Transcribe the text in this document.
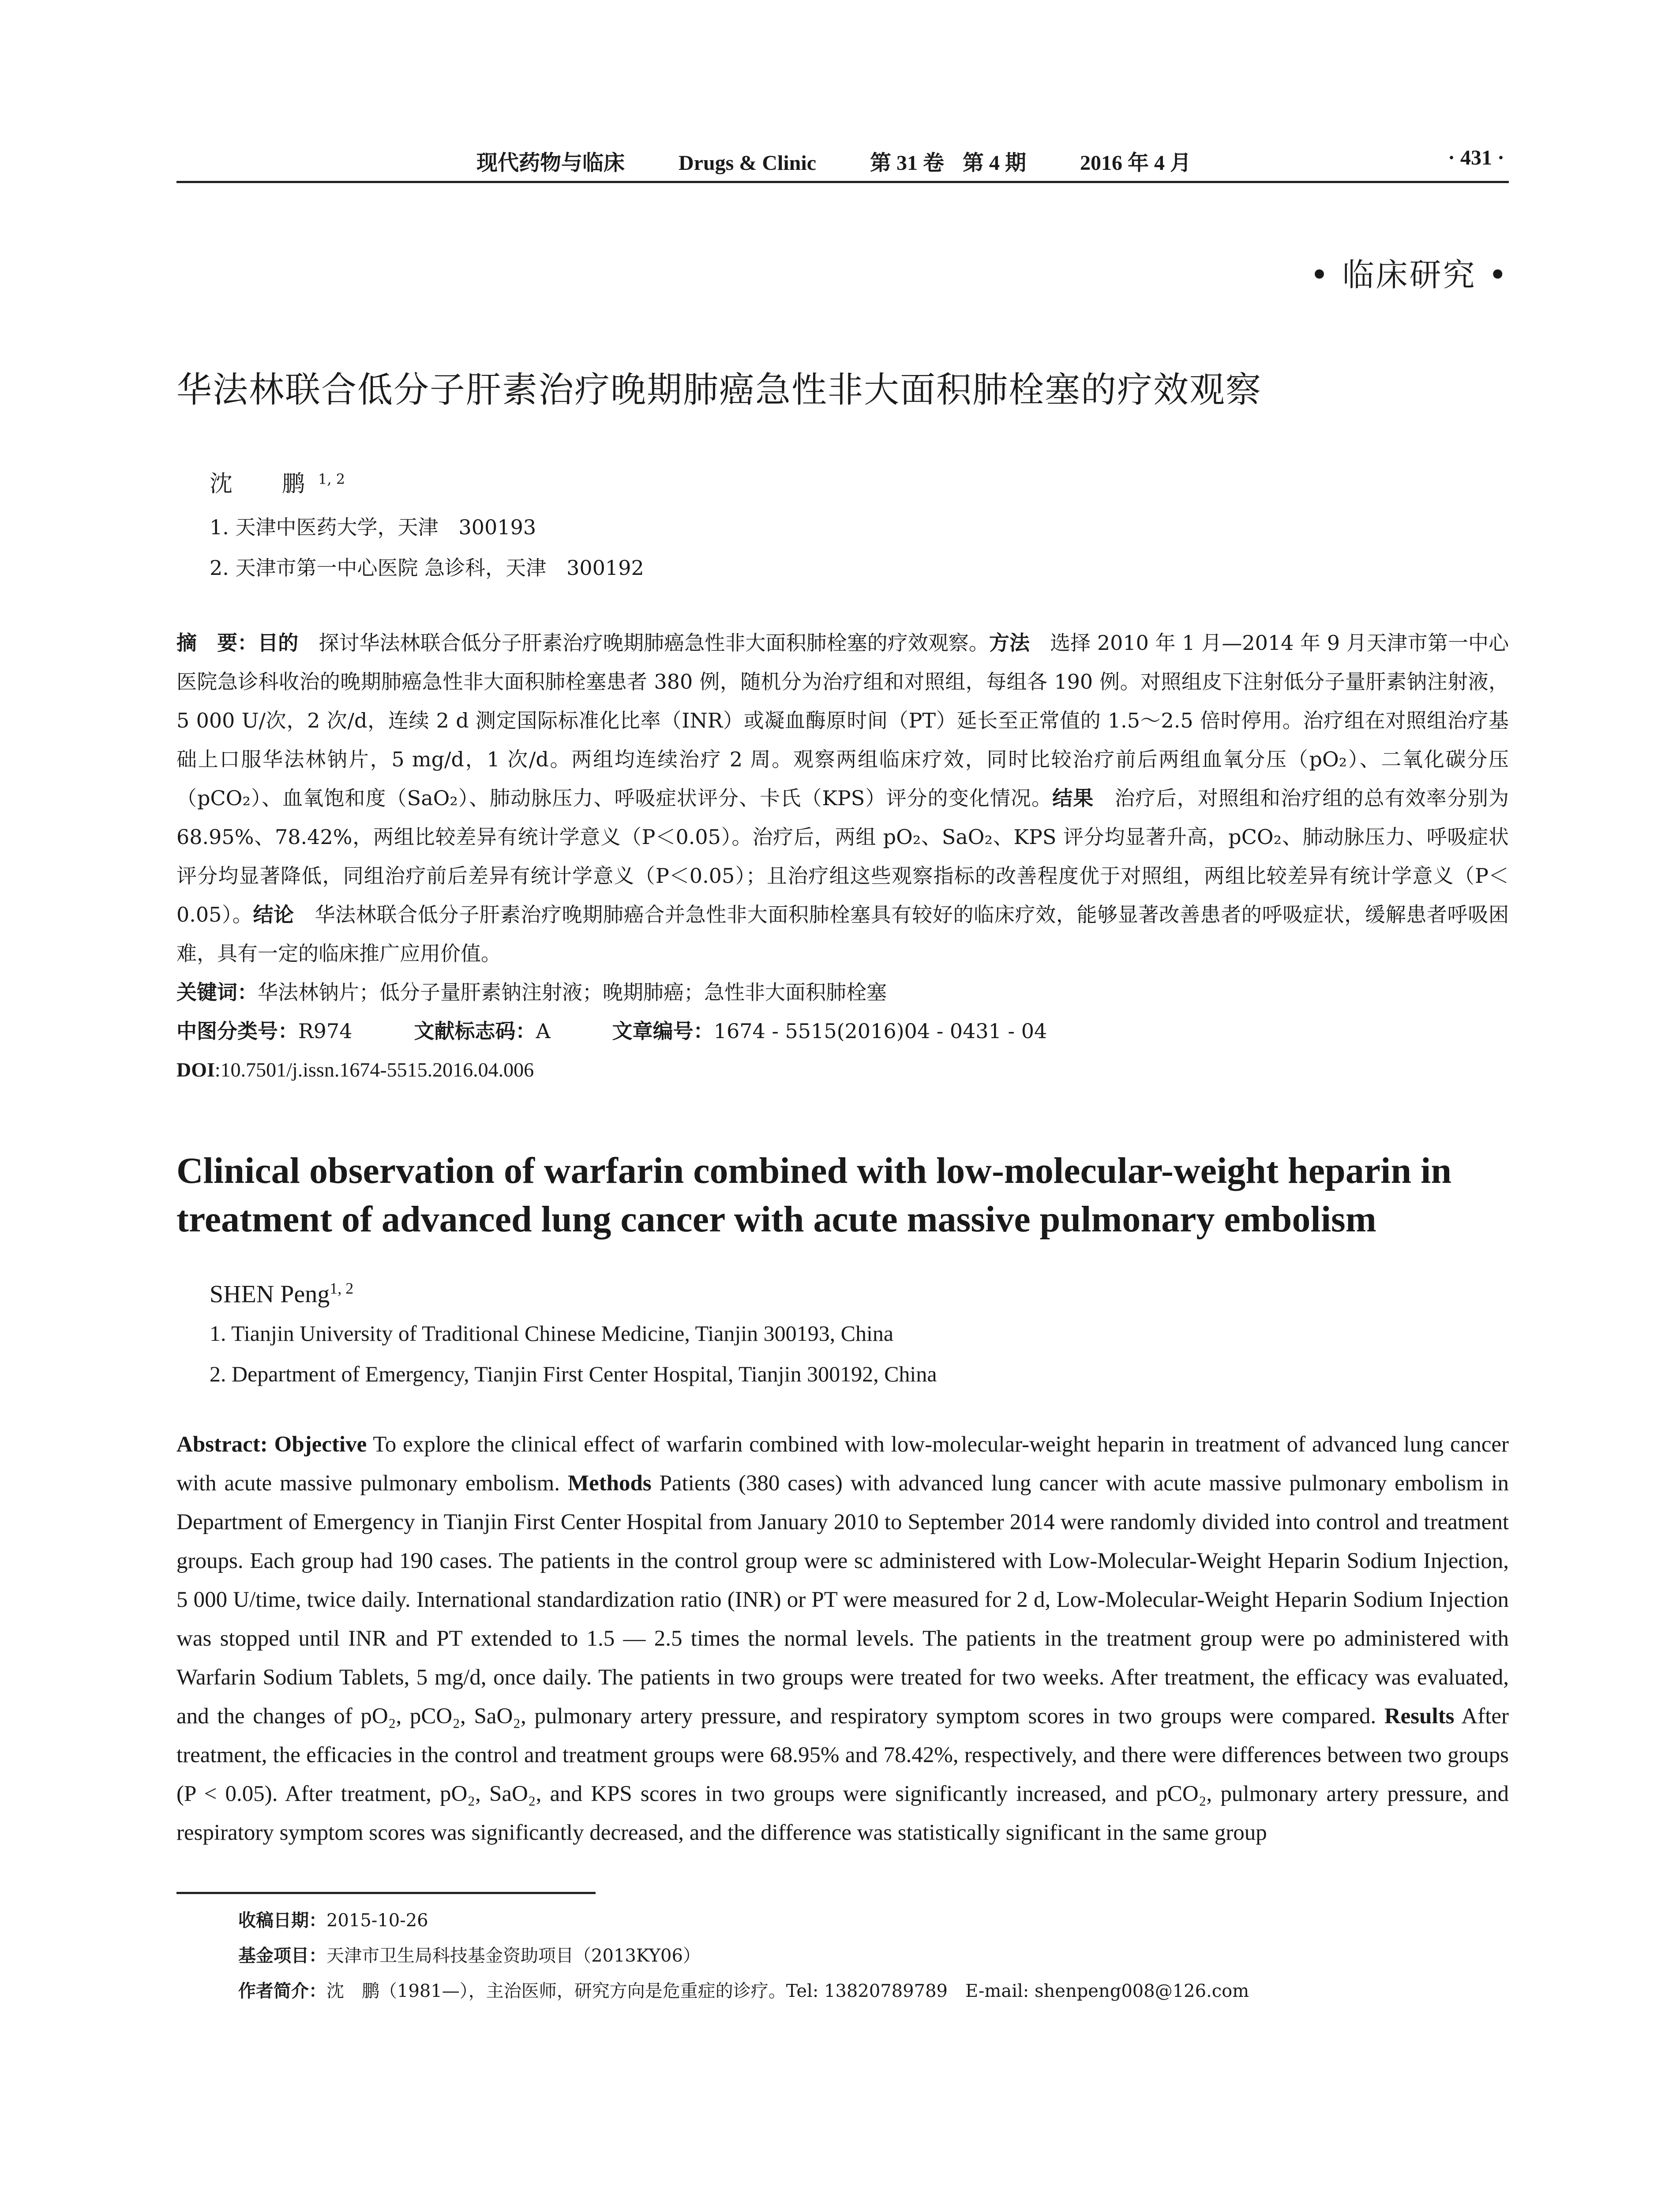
现代药物与临床	Drugs & Clinic	第 31 卷 第 4 期	2016 年 4 月	· 431 ·
• 临床研究 •
华法林联合低分子肝素治疗晚期肺癌急性非大面积肺栓塞的疗效观察
沈　鹏$^{1, 2}$
1. 天津中医药大学，天津　300193
2. 天津市第一中心医院 急诊科，天津　300192
摘　要：目的　探讨华法林联合低分子肝素治疗晚期肺癌急性非大面积肺栓塞的疗效观察。方法　选择 2010 年 1 月—2014 年 9 月天津市第一中心医院急诊科收治的晚期肺癌急性非大面积肺栓塞患者 380 例，随机分为治疗组和对照组，每组各 190 例。对照组皮下注射低分子量肝素钠注射液，5 000 U/次，2 次/d，连续 2 d 测定国际标准化比率（INR）或凝血酶原时间（PT）延长至正常值的 1.5～2.5 倍时停用。治疗组在对照组治疗基础上口服华法林钠片，5 mg/d，1 次/d。两组均连续治疗 2 周。观察两组临床疗效，同时比较治疗前后两组血氧分压（pO₂）、二氧化碳分压（pCO₂）、血氧饱和度（SaO₂）、肺动脉压力、呼吸症状评分、卡氏（KPS）评分的变化情况。结果　治疗后，对照组和治疗组的总有效率分别为 68.95%、78.42%，两组比较差异有统计学意义（P＜0.05）。治疗后，两组 pO₂、SaO₂、KPS 评分均显著升高，pCO₂、肺动脉压力、呼吸症状评分均显著降低，同组治疗前后差异有统计学意义（P＜0.05）；且治疗组这些观察指标的改善程度优于对照组，两组比较差异有统计学意义（P＜0.05）。结论　华法林联合低分子肝素治疗晚期肺癌合并急性非大面积肺栓塞具有较好的临床疗效，能够显著改善患者的呼吸症状，缓解患者呼吸困难，具有一定的临床推广应用价值。
关键词：华法林钠片；低分子量肝素钠注射液；晚期肺癌；急性非大面积肺栓塞
中图分类号：R974	文献标志码：A	文章编号：1674 - 5515(2016)04 - 0431 - 04
DOI:10.7501/j.issn.1674-5515.2016.04.006
Clinical observation of warfarin combined with low-molecular-weight heparin in treatment of advanced lung cancer with acute massive pulmonary embolism
SHEN Peng$^{1, 2}$
1. Tianjin University of Traditional Chinese Medicine, Tianjin 300193, China
2. Department of Emergency, Tianjin First Center Hospital, Tianjin 300192, China
Abstract: Objective To explore the clinical effect of warfarin combined with low-molecular-weight heparin in treatment of advanced lung cancer with acute massive pulmonary embolism. Methods Patients (380 cases) with advanced lung cancer with acute massive pulmonary embolism in Department of Emergency in Tianjin First Center Hospital from January 2010 to September 2014 were randomly divided into control and treatment groups. Each group had 190 cases. The patients in the control group were sc administered with Low-Molecular-Weight Heparin Sodium Injection, 5 000 U/time, twice daily. International standardization ratio (INR) or PT were measured for 2 d, Low-Molecular-Weight Heparin Sodium Injection was stopped until INR and PT extended to 1.5 — 2.5 times the normal levels. The patients in the treatment group were po administered with Warfarin Sodium Tablets, 5 mg/d, once daily. The patients in two groups were treated for two weeks. After treatment, the efficacy was evaluated, and the changes of pO₂, pCO₂, SaO₂, pulmonary artery pressure, and respiratory symptom scores in two groups were compared. Results After treatment, the efficacies in the control and treatment groups were 68.95% and 78.42%, respectively, and there were differences between two groups (P < 0.05). After treatment, pO₂, SaO₂, and KPS scores in two groups were significantly increased, and pCO₂, pulmonary artery pressure, and respiratory symptom scores was significantly decreased, and the difference was statistically significant in the same group
收稿日期：2015-10-26
基金项目：天津市卫生局科技基金资助项目（2013KY06）
作者简介：沈　鹏（1981—），主治医师，研究方向是危重症的诊疗。Tel: 13820789789　E-mail: shenpeng008@126.com
